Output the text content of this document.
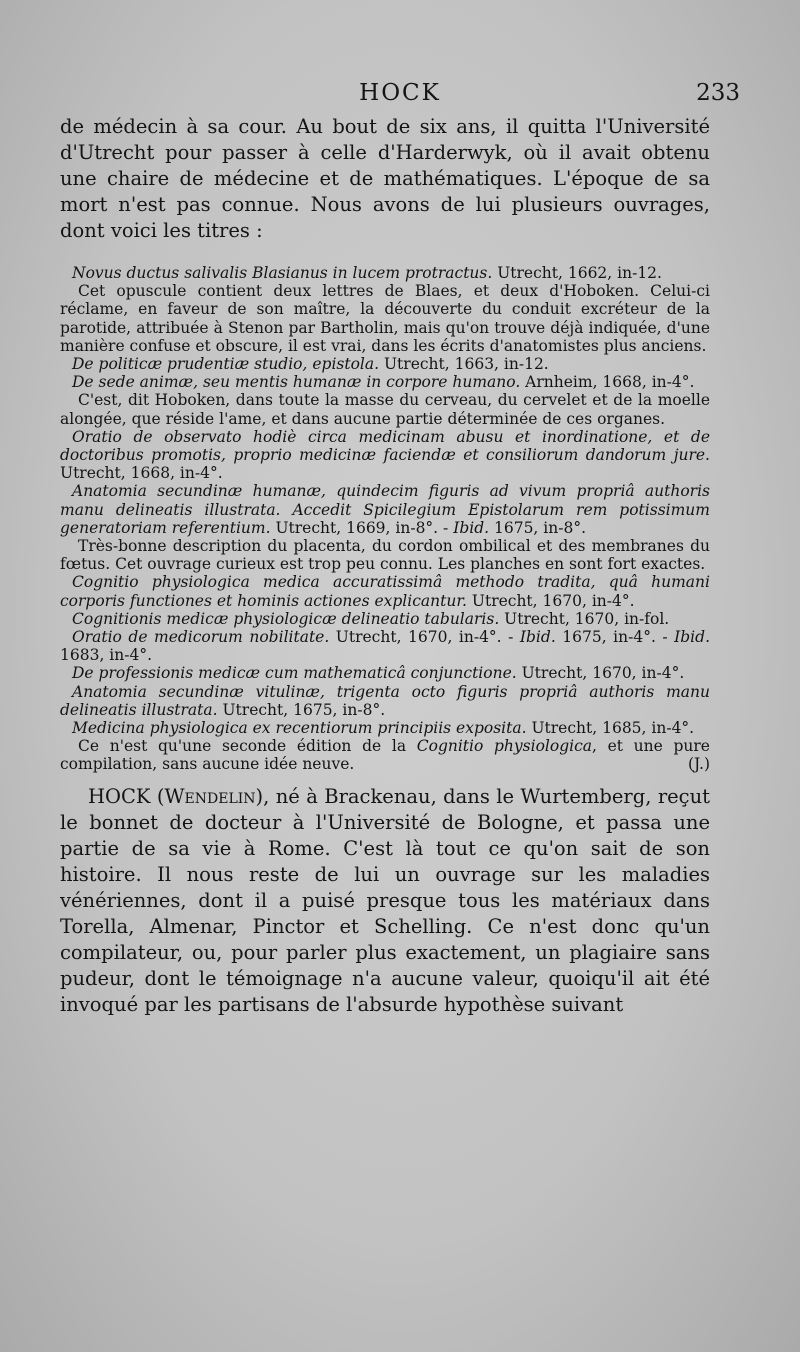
HOCK	233

de médecin à sa cour. Au bout de six ans, il quitta l'Université d'Utrecht pour passer à celle d'Harderwyk, où il avait obtenu une chaire de médecine et de mathématiques. L'époque de sa mort n'est pas connue. Nous avons de lui plusieurs ouvrages, dont voici les titres :

Novus ductus salivalis Blasianus in lucem protractus. Utrecht, 1662, in-12.

Cet opuscule contient deux lettres de Blaes, et deux d'Hoboken. Celui-ci réclame, en faveur de son maître, la découverte du conduit excréteur de la parotide, attribuée à Stenon par Bartholin, mais qu'on trouve déjà indiquée, d'une manière confuse et obscure, il est vrai, dans les écrits d'anatomistes plus anciens.

De politicæ prudentiæ studio, epistola. Utrecht, 1663, in-12.

De sede animæ, seu mentis humanæ in corpore humano. Arnheim, 1668, in-4°.

C'est, dit Hoboken, dans toute la masse du cerveau, du cervelet et de la moelle alongée, que réside l'ame, et dans aucune partie déterminée de ces organes.

Oratio de observato hodiè circa medicinam abusu et inordinatione, et de doctoribus promotis, proprio medicinæ faciendæ et consiliorum dandorum jure. Utrecht, 1668, in-4°.

Anatomia secundinæ humanæ, quindecim figuris ad vivum propriâ authoris manu delineatis illustrata. Accedit Spicilegium Epistolarum rem potissimum generatoriam referentium. Utrecht, 1669, in-8°. - Ibid. 1675, in-8°.

Très-bonne description du placenta, du cordon ombilical et des membranes du fœtus. Cet ouvrage curieux est trop peu connu. Les planches en sont fort exactes.

Cognitio physiologica medica accuratissimâ methodo tradita, quâ humani corporis functiones et hominis actiones explicantur. Utrecht, 1670, in-4°.

Cognitionis medicæ physiologicæ delineatio tabularis. Utrecht, 1670, in-fol.

Oratio de medicorum nobilitate. Utrecht, 1670, in-4°. - Ibid. 1675, in-4°. - Ibid. 1683, in-4°.

De professionis medicæ cum mathematicâ conjunctione. Utrecht, 1670, in-4°.

Anatomia secundinæ vitulinæ, trigenta octo figuris propriâ authoris manu delineatis illustrata. Utrecht, 1675, in-8°.

Medicina physiologica ex recentiorum principiis exposita. Utrecht, 1685, in-4°.

Ce n'est qu'une seconde édition de la Cognitio physiologica, et une pure compilation, sans aucune idée neuve.	(J.)

HOCK (Wendelin), né à Brackenau, dans le Wurtemberg, reçut le bonnet de docteur à l'Université de Bologne, et passa une partie de sa vie à Rome. C'est là tout ce qu'on sait de son histoire. Il nous reste de lui un ouvrage sur les maladies vénériennes, dont il a puisé presque tous les matériaux dans Torella, Almenar, Pinctor et Schelling. Ce n'est donc qu'un compilateur, ou, pour parler plus exactement, un plagiaire sans pudeur, dont le témoignage n'a aucune valeur, quoiqu'il ait été invoqué par les partisans de l'absurde hypothèse suivant
